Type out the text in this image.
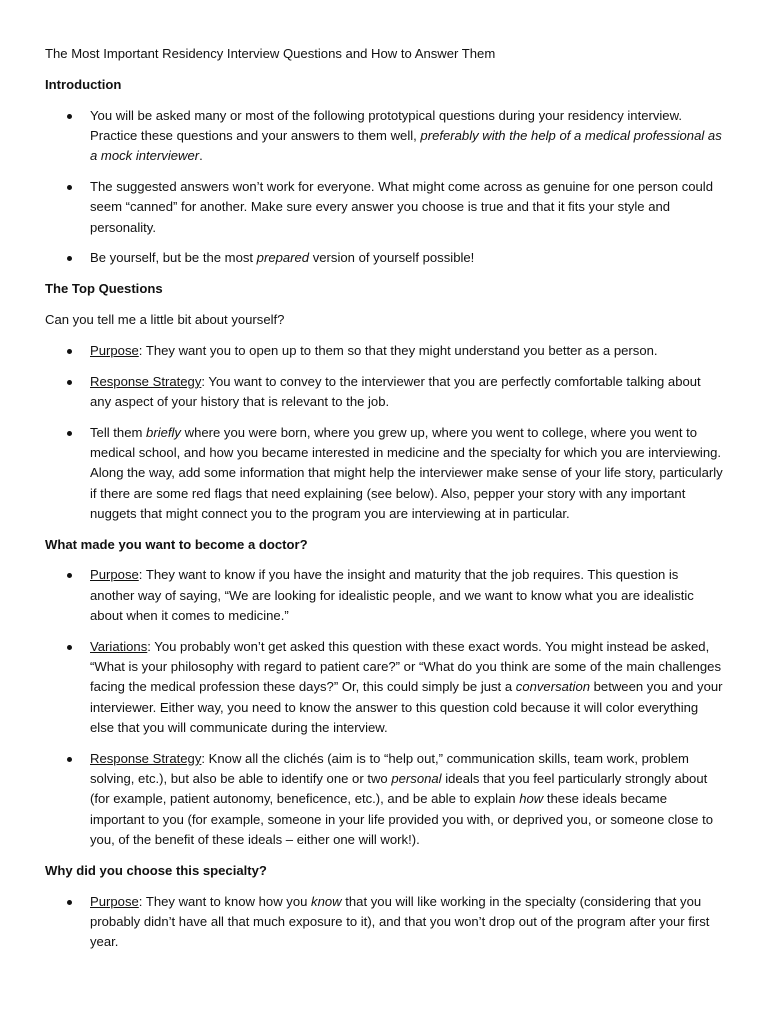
The Most Important Residency Interview Questions and How to Answer Them
Introduction
You will be asked many or most of the following prototypical questions during your residency interview. Practice these questions and your answers to them well, preferably with the help of a medical professional as a mock interviewer.
The suggested answers won’t work for everyone. What might come across as genuine for one person could seem “canned” for another. Make sure every answer you choose is true and that it fits your style and personality.
Be yourself, but be the most prepared version of yourself possible!
The Top Questions
Can you tell me a little bit about yourself?
Purpose: They want you to open up to them so that they might understand you better as a person.
Response Strategy: You want to convey to the interviewer that you are perfectly comfortable talking about any aspect of your history that is relevant to the job.
Tell them briefly where you were born, where you grew up, where you went to college, where you went to medical school, and how you became interested in medicine and the specialty for which you are interviewing. Along the way, add some information that might help the interviewer make sense of your life story, particularly if there are some red flags that need explaining (see below). Also, pepper your story with any important nuggets that might connect you to the program you are interviewing at in particular.
What made you want to become a doctor?
Purpose: They want to know if you have the insight and maturity that the job requires. This question is another way of saying, “We are looking for idealistic people, and we want to know what you are idealistic about when it comes to medicine.”
Variations: You probably won’t get asked this question with these exact words. You might instead be asked, “What is your philosophy with regard to patient care?” or “What do you think are some of the main challenges facing the medical profession these days?” Or, this could simply be just a conversation between you and your interviewer. Either way, you need to know the answer to this question cold because it will color everything else that you will communicate during the interview.
Response Strategy: Know all the clichés (aim is to “help out,” communication skills, team work, problem solving, etc.), but also be able to identify one or two personal ideals that you feel particularly strongly about (for example, patient autonomy, beneficence, etc.), and be able to explain how these ideals became important to you (for example, someone in your life provided you with, or deprived you, or someone close to you, of the benefit of these ideals – either one will work!).
Why did you choose this specialty?
Purpose: They want to know how you know that you will like working in the specialty (considering that you probably didn’t have all that much exposure to it), and that you won’t drop out of the program after your first year.
